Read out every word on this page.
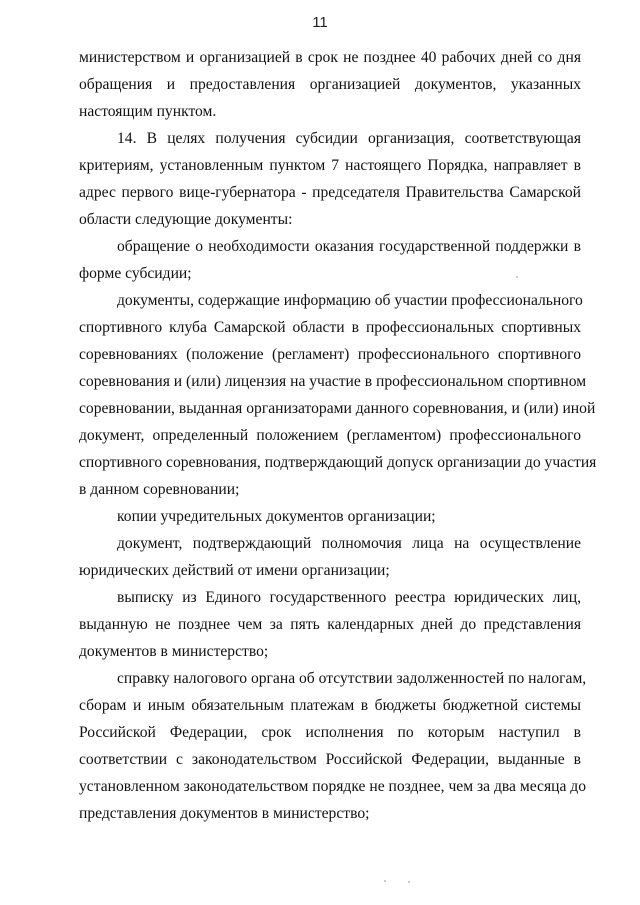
11

министерством и организацией в срок не позднее 40 рабочих дней со дня
обращения и предоставления организацией документов, указанных
настоящим пунктом.

14. В целях получения субсидии организация, соответствующая
критериям, установленным пунктом 7 настоящего Порядка, направляет в
адрес первого вице-губернатора - председателя Правительства Самарской
области следующие документы:

обращение о необходимости оказания государственной поддержки в
форме субсидии;

документы, содержащие информацию об участии профессионального
спортивного клуба Самарской области в профессиональных спортивных
соревнованиях (положение (регламент) профессионального спортивного
соревнования и (или) лицензия на участие в профессиональном спортивном
соревновании, выданная организаторами данного соревнования, и (или) иной
документ, определенный положением (регламентом) профессионального
спортивного соревнования, подтверждающий допуск организации до участия
в данном соревновании;

копии учредительных документов организации;

документ, подтверждающий полномочия лица на осуществление
юридических действий от имени организации;

выписку из Единого государственного реестра юридических лиц,
выданную не позднее чем за пять календарных дней до представления
документов в министерство;

справку налогового органа об отсутствии задолженностей по налогам,
сборам и иным обязательным платежам в бюджеты бюджетной системы
Российской Федерации, срок исполнения по которым наступил в
соответствии с законодательством Российской Федерации, выданные в
установленном законодательством порядке не позднее, чем за два месяца до
представления документов в министерство;
